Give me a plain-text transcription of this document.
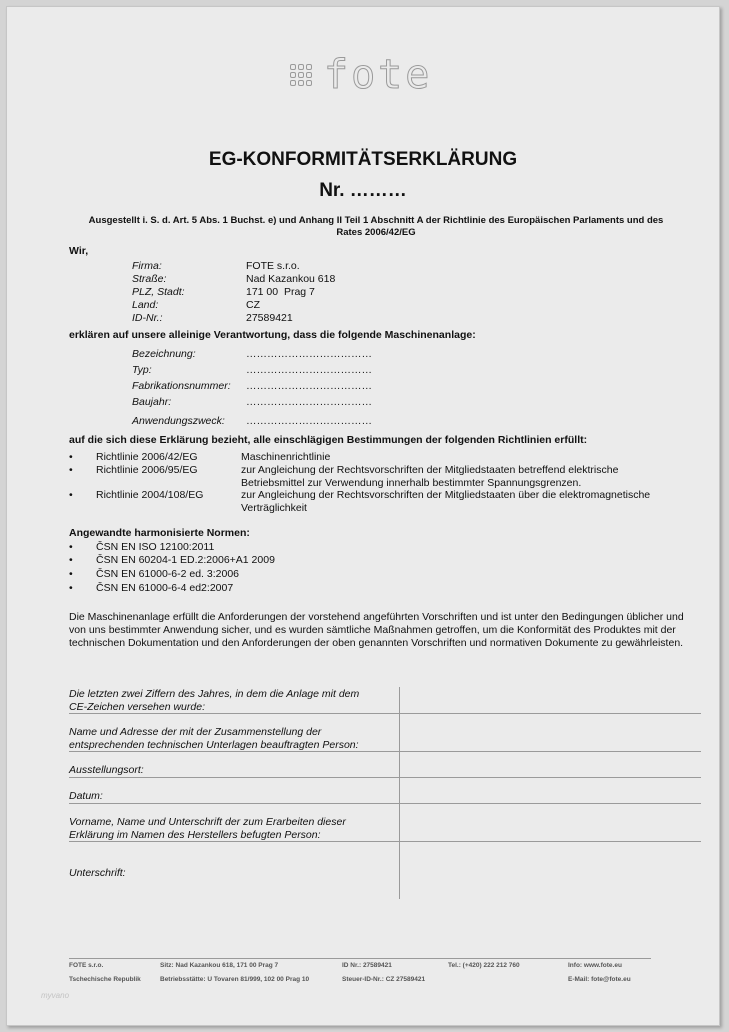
fote
EG-KONFORMITÄTSERKLÄRUNG
Nr. ………
Ausgestellt i. S. d. Art. 5 Abs. 1 Buchst. e) und Anhang II Teil 1 Abschnitt A der Richtlinie des Europäischen Parlaments und des Rates 2006/42/EG
Wir,
Firma:	FOTE s.r.o.
Straße:	Nad Kazankou 618
PLZ, Stadt:	171 00  Prag 7
Land:	CZ
ID-Nr.:	27589421
erklären auf unsere alleinige Verantwortung, dass die folgende Maschinenanlage:
Bezeichnung:	………………………………
Typ:	………………………………
Fabrikationsnummer: ………………………………
Baujahr:	………………………………
Anwendungszweck: ………………………………
auf die sich diese Erklärung bezieht, alle einschlägigen Bestimmungen der folgenden Richtlinien erfüllt:
• Richtlinie 2006/42/EG	Maschinenrichtlinie
• Richtlinie 2006/95/EG	zur Angleichung der Rechtsvorschriften der Mitgliedstaaten betreffend elektrische Betriebsmittel zur Verwendung innerhalb bestimmter Spannungsgrenzen.
• Richtlinie 2004/108/EG	zur Angleichung der Rechtsvorschriften der Mitgliedstaaten über die elektromagnetische Verträglichkeit
Angewandte harmonisierte Normen:
• ČSN EN ISO 12100:2011
• ČSN EN 60204-1 ED.2:2006+A1 2009
• ČSN EN 61000-6-2 ed. 3:2006
• ČSN EN 61000-6-4 ed2:2007
Die Maschinenanlage erfüllt die Anforderungen der vorstehend angeführten Vorschriften und ist unter den Bedingungen üblicher und von uns bestimmter Anwendung sicher, und es wurden sämtliche Maßnahmen getroffen, um die Konformität des Produktes mit der technischen Dokumentation und den Anforderungen der oben genannten Vorschriften und normativen Dokumente zu gewährleisten.
Die letzten zwei Ziffern des Jahres, in dem die Anlage mit dem CE-Zeichen versehen wurde:
Name und Adresse der mit der Zusammenstellung der entsprechenden technischen Unterlagen beauftragten Person:
Ausstellungsort:
Datum:
Vorname, Name und Unterschrift der zum Erarbeiten dieser Erklärung im Namen des Herstellers befugten Person:
Unterschrift:
FOTE s.r.o.
Tschechische Republik
Sitz: Nad Kazankou 618, 171 00 Prag 7
Betriebsstätte: U Tovaren 81/999, 102 00 Prag 10
ID Nr.: 27589421
Steuer-ID-Nr.: CZ 27589421
Tel.: (+420) 222 212 760	Info: www.fote.eu
E-Mail: fote@fote.eu
myvano
